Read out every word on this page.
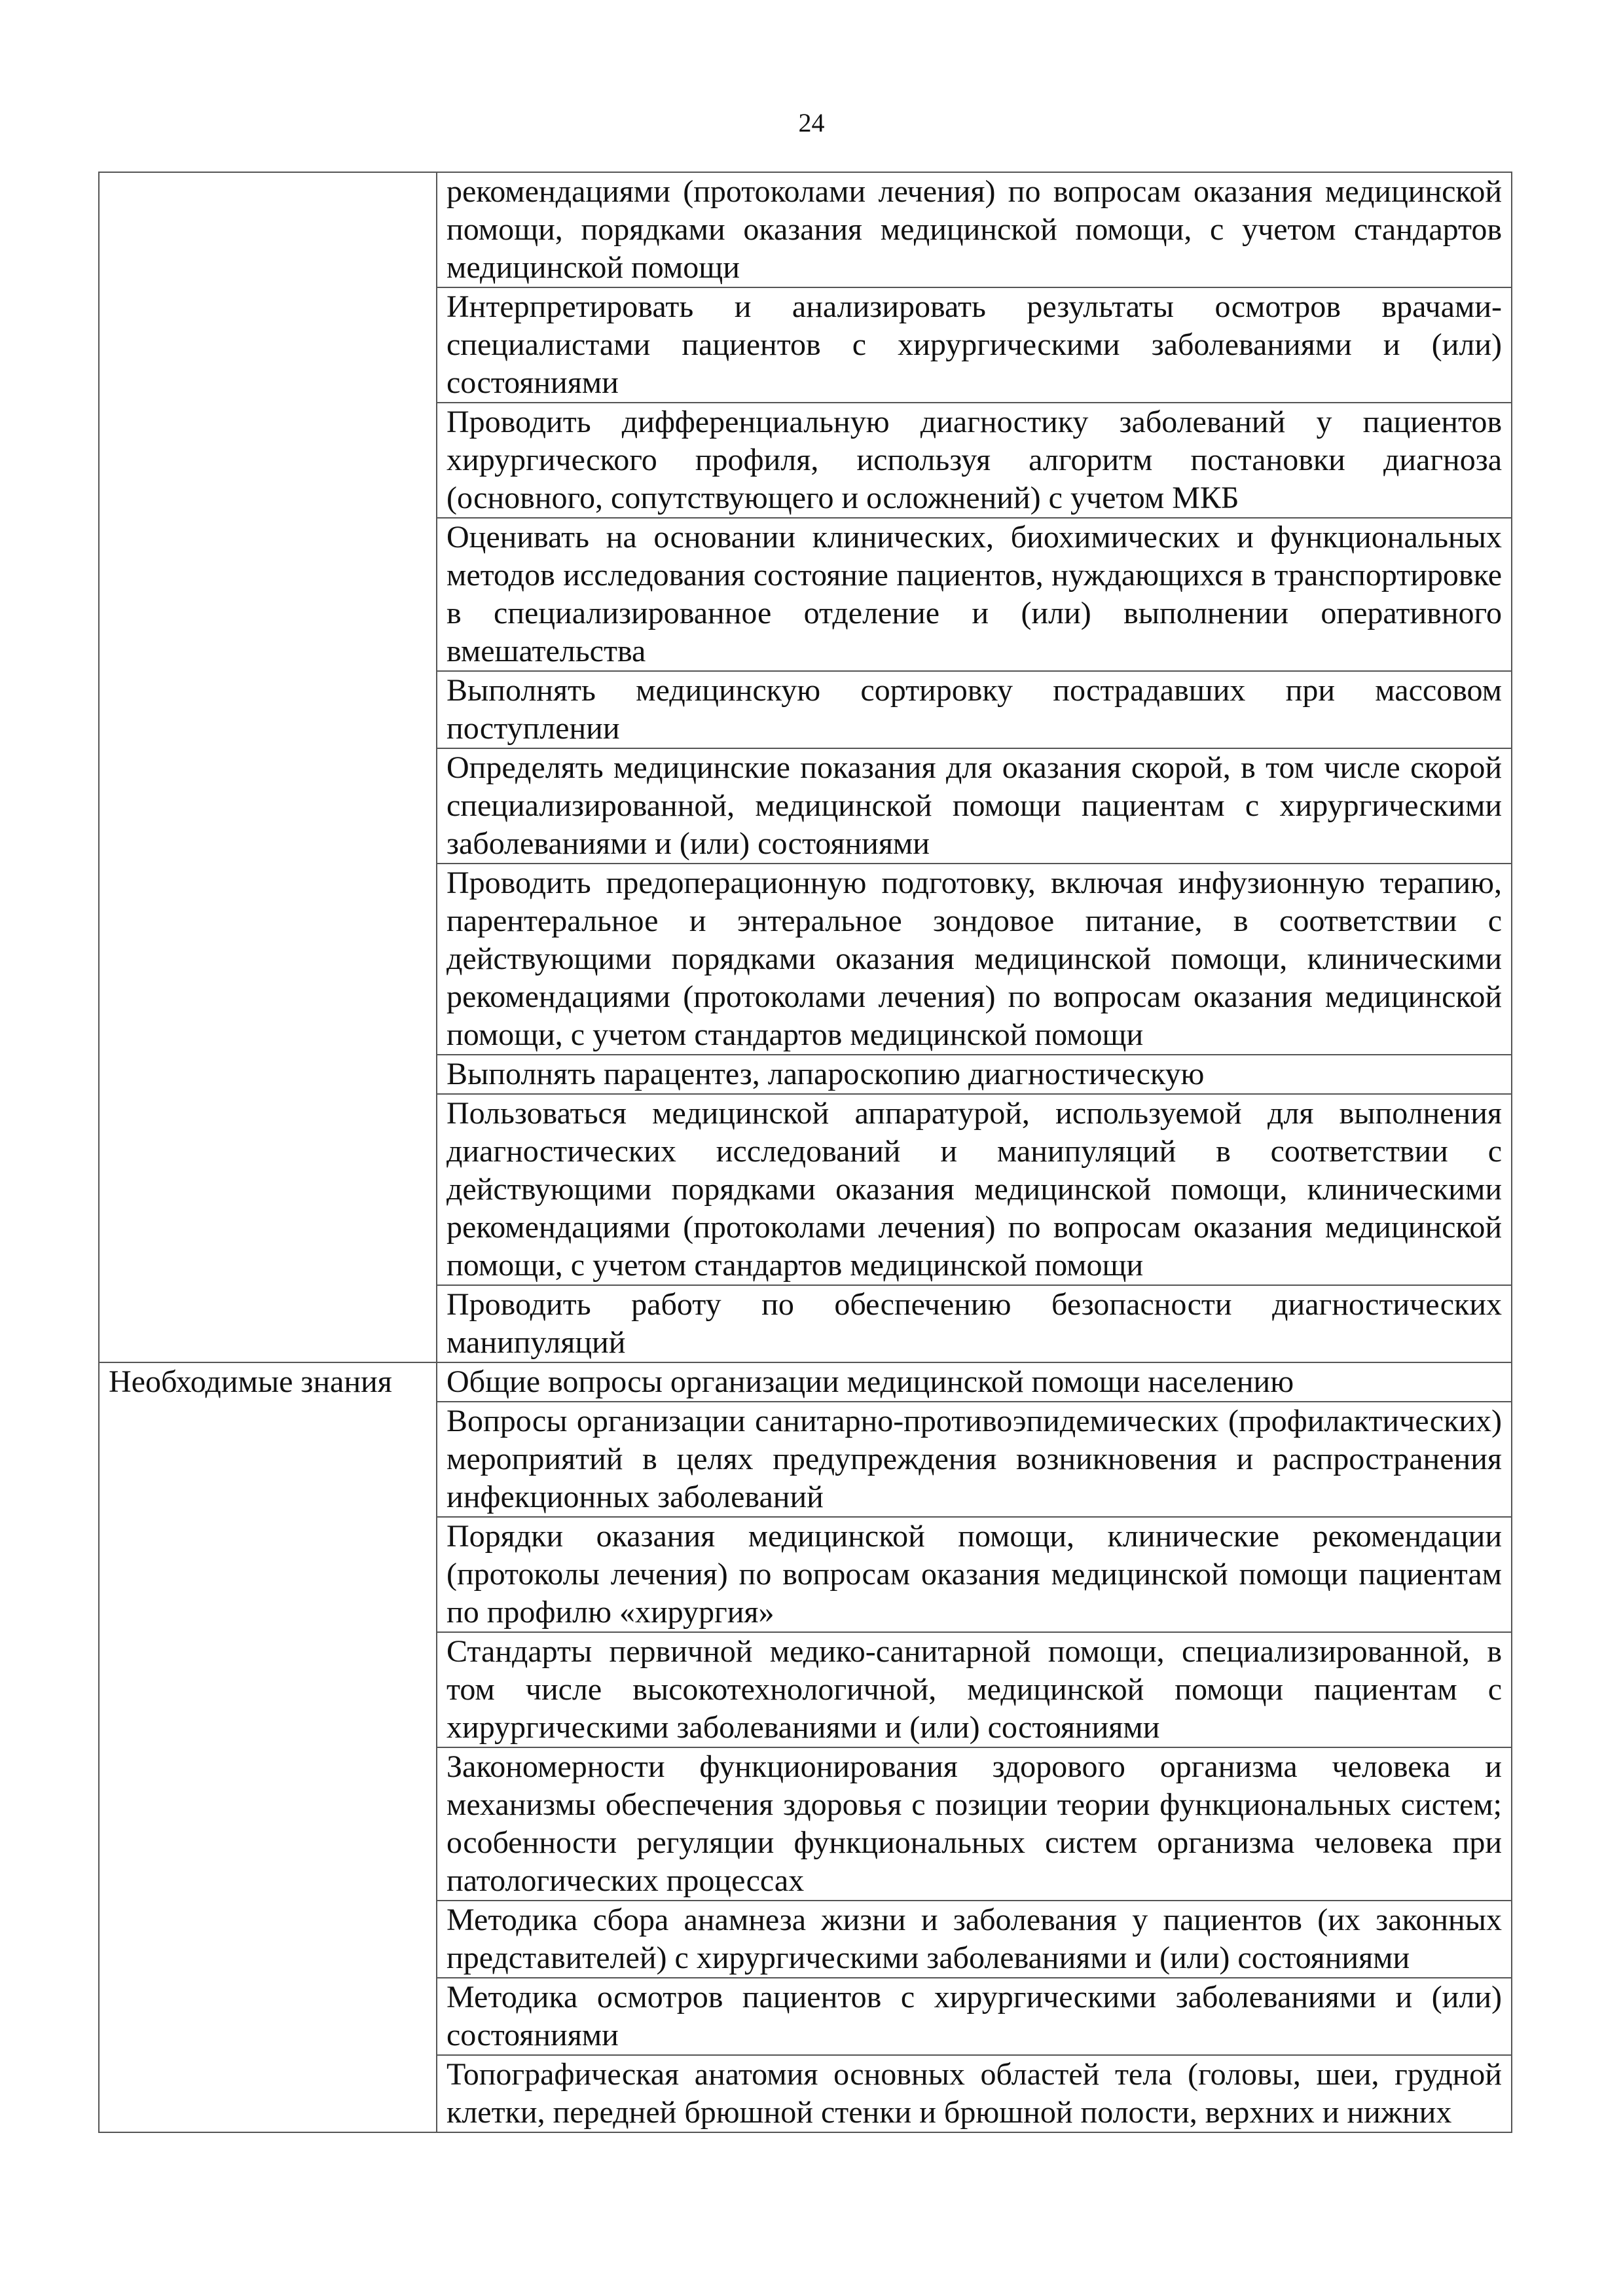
24
	рекомендациями (протоколами лечения) по вопросам оказания медицинской помощи, порядками оказания медицинской помощи, с учетом стандартов медицинской помощи
	Интерпретировать и анализировать результаты осмотров врачами-специалистами пациентов с хирургическими заболеваниями и (или) состояниями
	Проводить дифференциальную диагностику заболеваний у пациентов хирургического профиля, используя алгоритм постановки диагноза (основного, сопутствующего и осложнений) с учетом МКБ
	Оценивать на основании клинических, биохимических и функциональных методов исследования состояние пациентов, нуждающихся в транспортировке в специализированное отделение и (или) выполнении оперативного вмешательства
	Выполнять медицинскую сортировку пострадавших при массовом поступлении
	Определять медицинские показания для оказания скорой, в том числе скорой специализированной, медицинской помощи пациентам с хирургическими заболеваниями и (или) состояниями
	Проводить предоперационную подготовку, включая инфузионную терапию, парентеральное и энтеральное зондовое питание, в соответствии с действующими порядками оказания медицинской помощи, клиническими рекомендациями (протоколами лечения) по вопросам оказания медицинской помощи, с учетом стандартов медицинской помощи
	Выполнять парацентез, лапароскопию диагностическую
	Пользоваться медицинской аппаратурой, используемой для выполнения диагностических исследований и манипуляций в соответствии с действующими порядками оказания медицинской помощи, клиническими рекомендациями (протоколами лечения) по вопросам оказания медицинской помощи, с учетом стандартов медицинской помощи
	Проводить работу по обеспечению безопасности диагностических манипуляций
Необходимые знания	Общие вопросы организации медицинской помощи населению
	Вопросы организации санитарно-противоэпидемических (профилактических) мероприятий в целях предупреждения возникновения и распространения инфекционных заболеваний
	Порядки оказания медицинской помощи, клинические рекомендации (протоколы лечения) по вопросам оказания медицинской помощи пациентам по профилю «хирургия»
	Стандарты первичной медико-санитарной помощи, специализированной, в том числе высокотехнологичной, медицинской помощи пациентам с хирургическими заболеваниями и (или) состояниями
	Закономерности функционирования здорового организма человека и механизмы обеспечения здоровья с позиции теории функциональных систем; особенности регуляции функциональных систем организма человека при патологических процессах
	Методика сбора анамнеза жизни и заболевания у пациентов (их законных представителей) с хирургическими заболеваниями и (или) состояниями
	Методика осмотров пациентов с хирургическими заболеваниями и (или) состояниями
	Топографическая анатомия основных областей тела (головы, шеи, грудной клетки, передней брюшной стенки и брюшной полости, верхних и нижних
